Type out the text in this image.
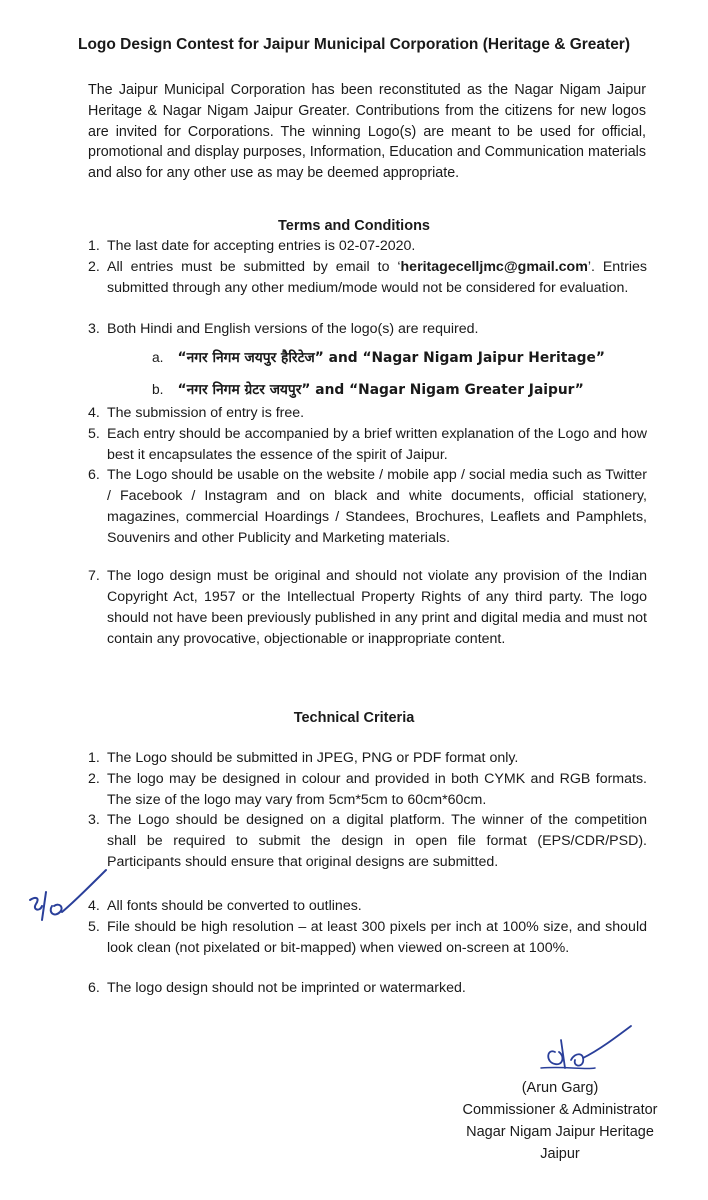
Logo Design Contest for Jaipur Municipal Corporation (Heritage & Greater)
The Jaipur Municipal Corporation has been reconstituted as the Nagar Nigam Jaipur Heritage & Nagar Nigam Jaipur Greater. Contributions from the citizens for new logos are invited for Corporations. The winning Logo(s) are meant to be used for official, promotional and display purposes, Information, Education and Communication materials and also for any other use as may be deemed appropriate.
Terms and Conditions
1. The last date for accepting entries is 02-07-2020.
2. All entries must be submitted by email to ‘heritagecelljmc@gmail.com’. Entries submitted through any other medium/mode would not be considered for evaluation.
3. Both Hindi and English versions of the logo(s) are required.
a. “नगर निगम जयपुर हैरिटेज” and “Nagar Nigam Jaipur Heritage”
b. “नगर निगम ग्रेटर जयपुर” and “Nagar Nigam Greater Jaipur”
4. The submission of entry is free.
5. Each entry should be accompanied by a brief written explanation of the Logo and how best it encapsulates the essence of the spirit of Jaipur.
6. The Logo should be usable on the website / mobile app / social media such as Twitter / Facebook / Instagram and on black and white documents, official stationery, magazines, commercial Hoardings / Standees, Brochures, Leaflets and Pamphlets, Souvenirs and other Publicity and Marketing materials.
7. The logo design must be original and should not violate any provision of the Indian Copyright Act, 1957 or the Intellectual Property Rights of any third party. The logo should not have been previously published in any print and digital media and must not contain any provocative, objectionable or inappropriate content.
Technical Criteria
1. The Logo should be submitted in JPEG, PNG or PDF format only.
2. The logo may be designed in colour and provided in both CYMK and RGB formats. The size of the logo may vary from 5cm*5cm to 60cm*60cm.
3. The Logo should be designed on a digital platform. The winner of the competition shall be required to submit the design in open file format (EPS/CDR/PSD). Participants should ensure that original designs are submitted.
4. All fonts should be converted to outlines.
5. File should be high resolution – at least 300 pixels per inch at 100% size, and should look clean (not pixelated or bit-mapped) when viewed on-screen at 100%.
6. The logo design should not be imprinted or watermarked.
(Arun Garg)
Commissioner & Administrator
Nagar Nigam Jaipur Heritage
Jaipur
